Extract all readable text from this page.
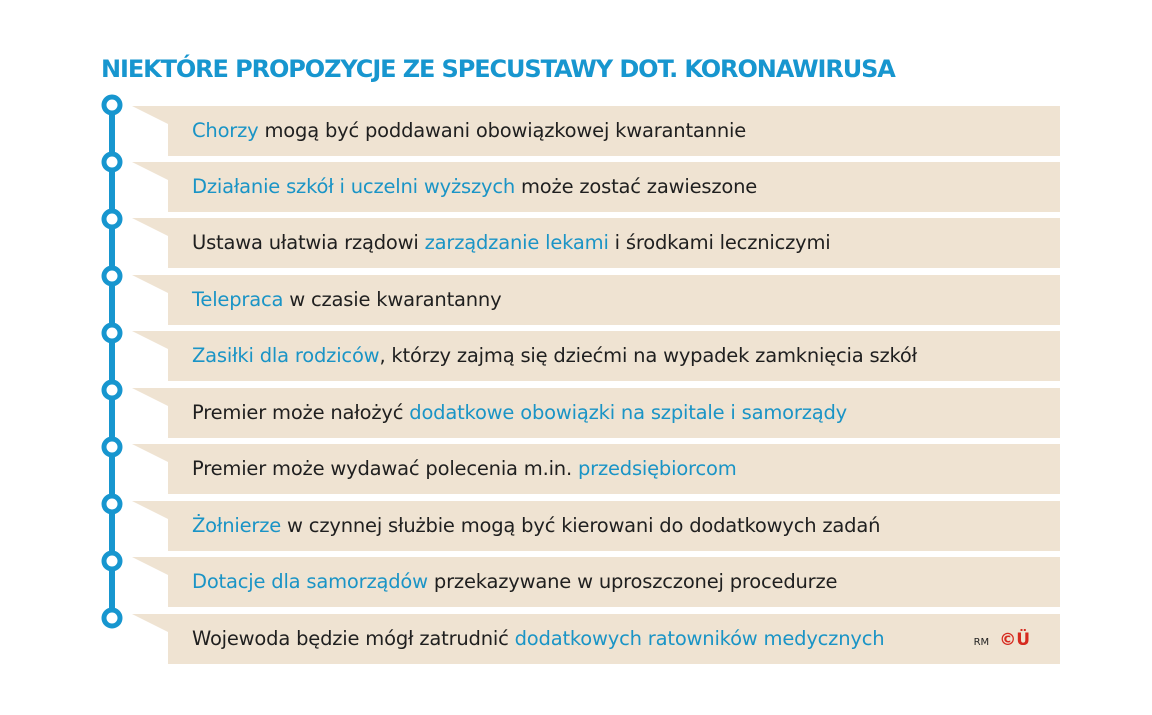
NIEKTÓRE PROPOZYCJE ZE SPECUSTAWY DOT. KORONAWIRUSA
Chorzy mogą być poddawani obowiązkowej kwarantannie
Działanie szkół i uczelni wyższych może zostać zawieszone
Ustawa ułatwia rządowi zarządzanie lekami i środkami leczniczymi
Telepraca w czasie kwarantanny
Zasiłki dla rodziców, którzy zajmą się dziećmi na wypadek zamknięcia szkół
Premier może nałożyć dodatkowe obowiązki na szpitale i samorządy
Premier może wydawać polecenia m.in. przedsiębiorcom
Żołnierze w czynnej służbie mogą być kierowani do dodatkowych zadań
Dotacje dla samorządów przekazywane w uproszczonej procedurze
Wojewoda będzie mógł zatrudnić dodatkowych ratowników medycznych	RM ©Ü
